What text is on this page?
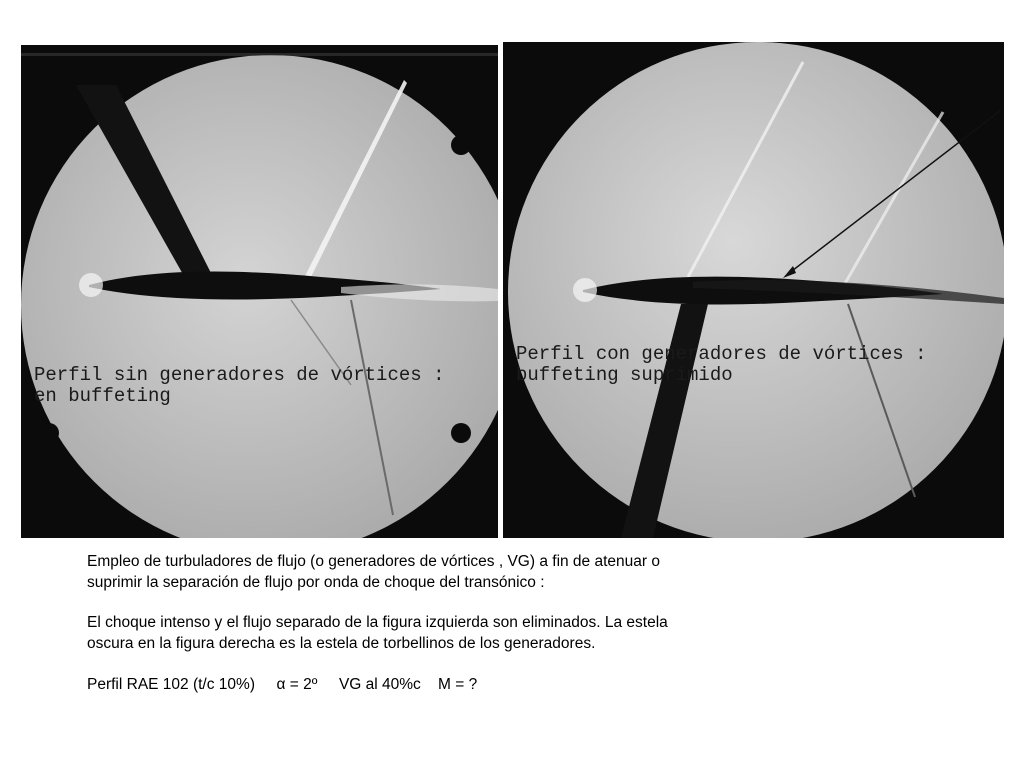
Perfil sin generadores de vórtices :
en buffeting
Perfil con generadores de vórtices :
buffeting suprimido
Empleo de turbuladores de flujo (o generadores de vórtices , VG) a fin de atenuar o
suprimir la separación de flujo por onda de choque del transónico :
El choque intenso y el flujo separado de la figura izquierda son eliminados. La estela
oscura en la figura derecha es la estela de torbellinos de los generadores.
Perfil RAE 102 (t/c 10%)     α = 2º     VG al 40%c    M = ?
